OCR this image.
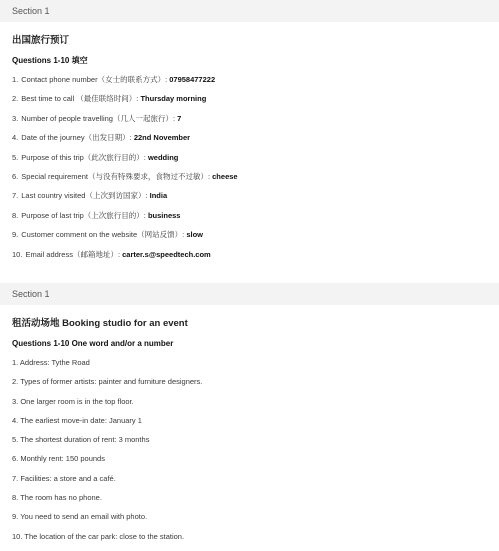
Section 1
出国旅行预订
Questions 1-10 填空
1. Contact phone number（女士的联系方式）: 07958477222
2. Best time to call （最佳联络时间）: Thursday morning
3. Number of people travelling（几人一起旅行）: 7
4. Date of the journey（出发日期）: 22nd November
5. Purpose of this trip（此次旅行目的）: wedding
6. Special requirement（与没有特殊要求，食物过不过敏）: cheese
7. Last country visited（上次到访国家）: India
8. Purpose of last trip（上次旅行目的）: business
9. Customer comment on the website（网站反馈）: slow
10. Email address（邮箱地址）: carter.s@speedtech.com
Section 1
租活动场地 Booking studio for an event
Questions 1-10 One word and/or a number
1. Address: Tythe Road
2. Types of former artists: painter and furniture designers.
3. One larger room is in the top floor.
4. The earliest move-in date: January 1
5. The shortest duration of rent: 3 months
6. Monthly rent: 150 pounds
7. Facilities: a store and a café.
8. The room has no phone.
9. You need to send an email with photo.
10. The location of the car park: close to the station.
